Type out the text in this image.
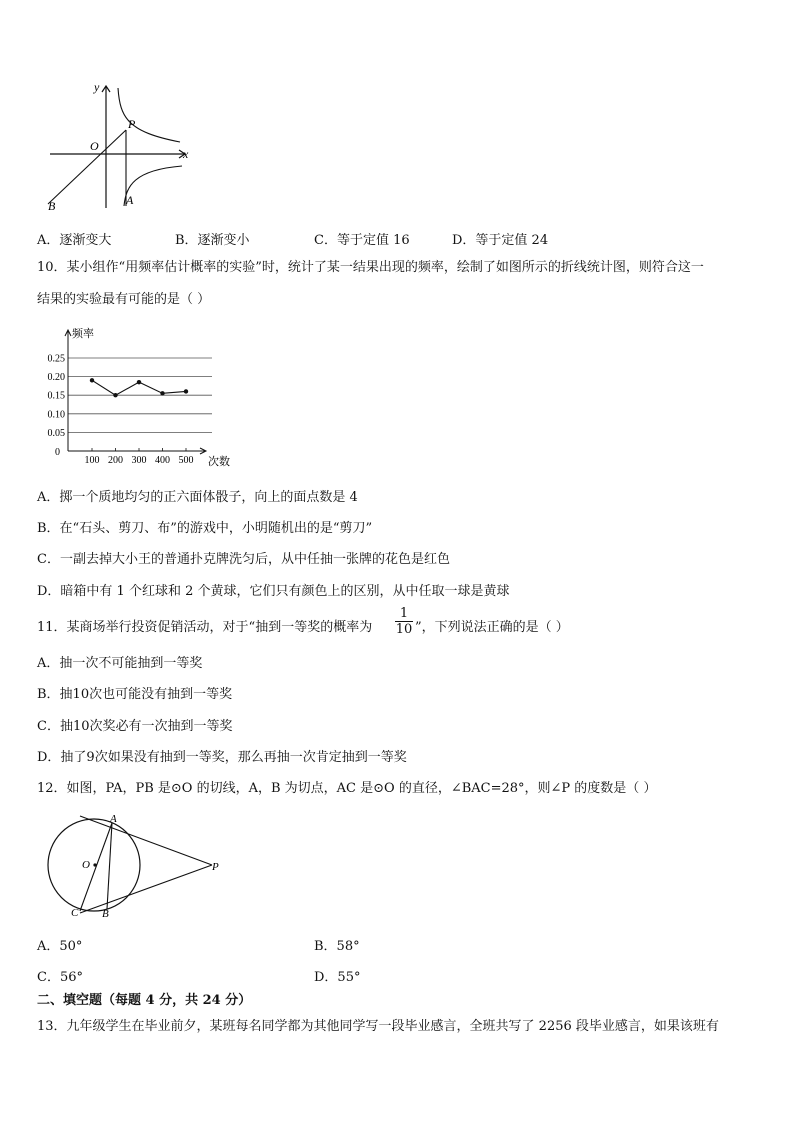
y
x
O
P
A
B
A．逐渐变大	B．逐渐变小	C．等于定值 16	D．等于定值 24
10．某小组作“用频率估计概率的实验”时，统计了某一结果出现的频率，绘制了如图所示的折线统计图，则符合这一
结果的实验最有可能的是（ ）
频率
次数
0
0.05
0.10
0.15
0.20
0.25
100 200 300 400 500
A．掷一个质地均匀的正六面体骰子，向上的面点数是 4
B．在“石头、剪刀、布”的游戏中，小明随机出的是“剪刀”
C．一副去掉大小王的普通扑克牌洗匀后，从中任抽一张牌的花色是红色
D．暗箱中有 1 个红球和 2 个黄球，它们只有颜色上的区别，从中任取一球是黄球
11．某商场举行投资促销活动，对于“抽到一等奖的概率为 $\frac{1}{10}$ ”，下列说法正确的是（ ）
A．抽一次不可能抽到一等奖
B．抽10次也可能没有抽到一等奖
C．抽10次奖必有一次抽到一等奖
D．抽了9次如果没有抽到一等奖，那么再抽一次肯定抽到一等奖
12．如图，PA，PB 是⊙O 的切线，A，B 为切点，AC 是⊙O 的直径，∠BAC=28°，则∠P 的度数是（ ）
A
B
C
O	P
A．50°	B．58°
C．56°	D．55°
二、填空题（每题 4 分，共 24 分）
13．九年级学生在毕业前夕，某班每名同学都为其他同学写一段毕业感言，全班共写了 2256 段毕业感言，如果该班有
